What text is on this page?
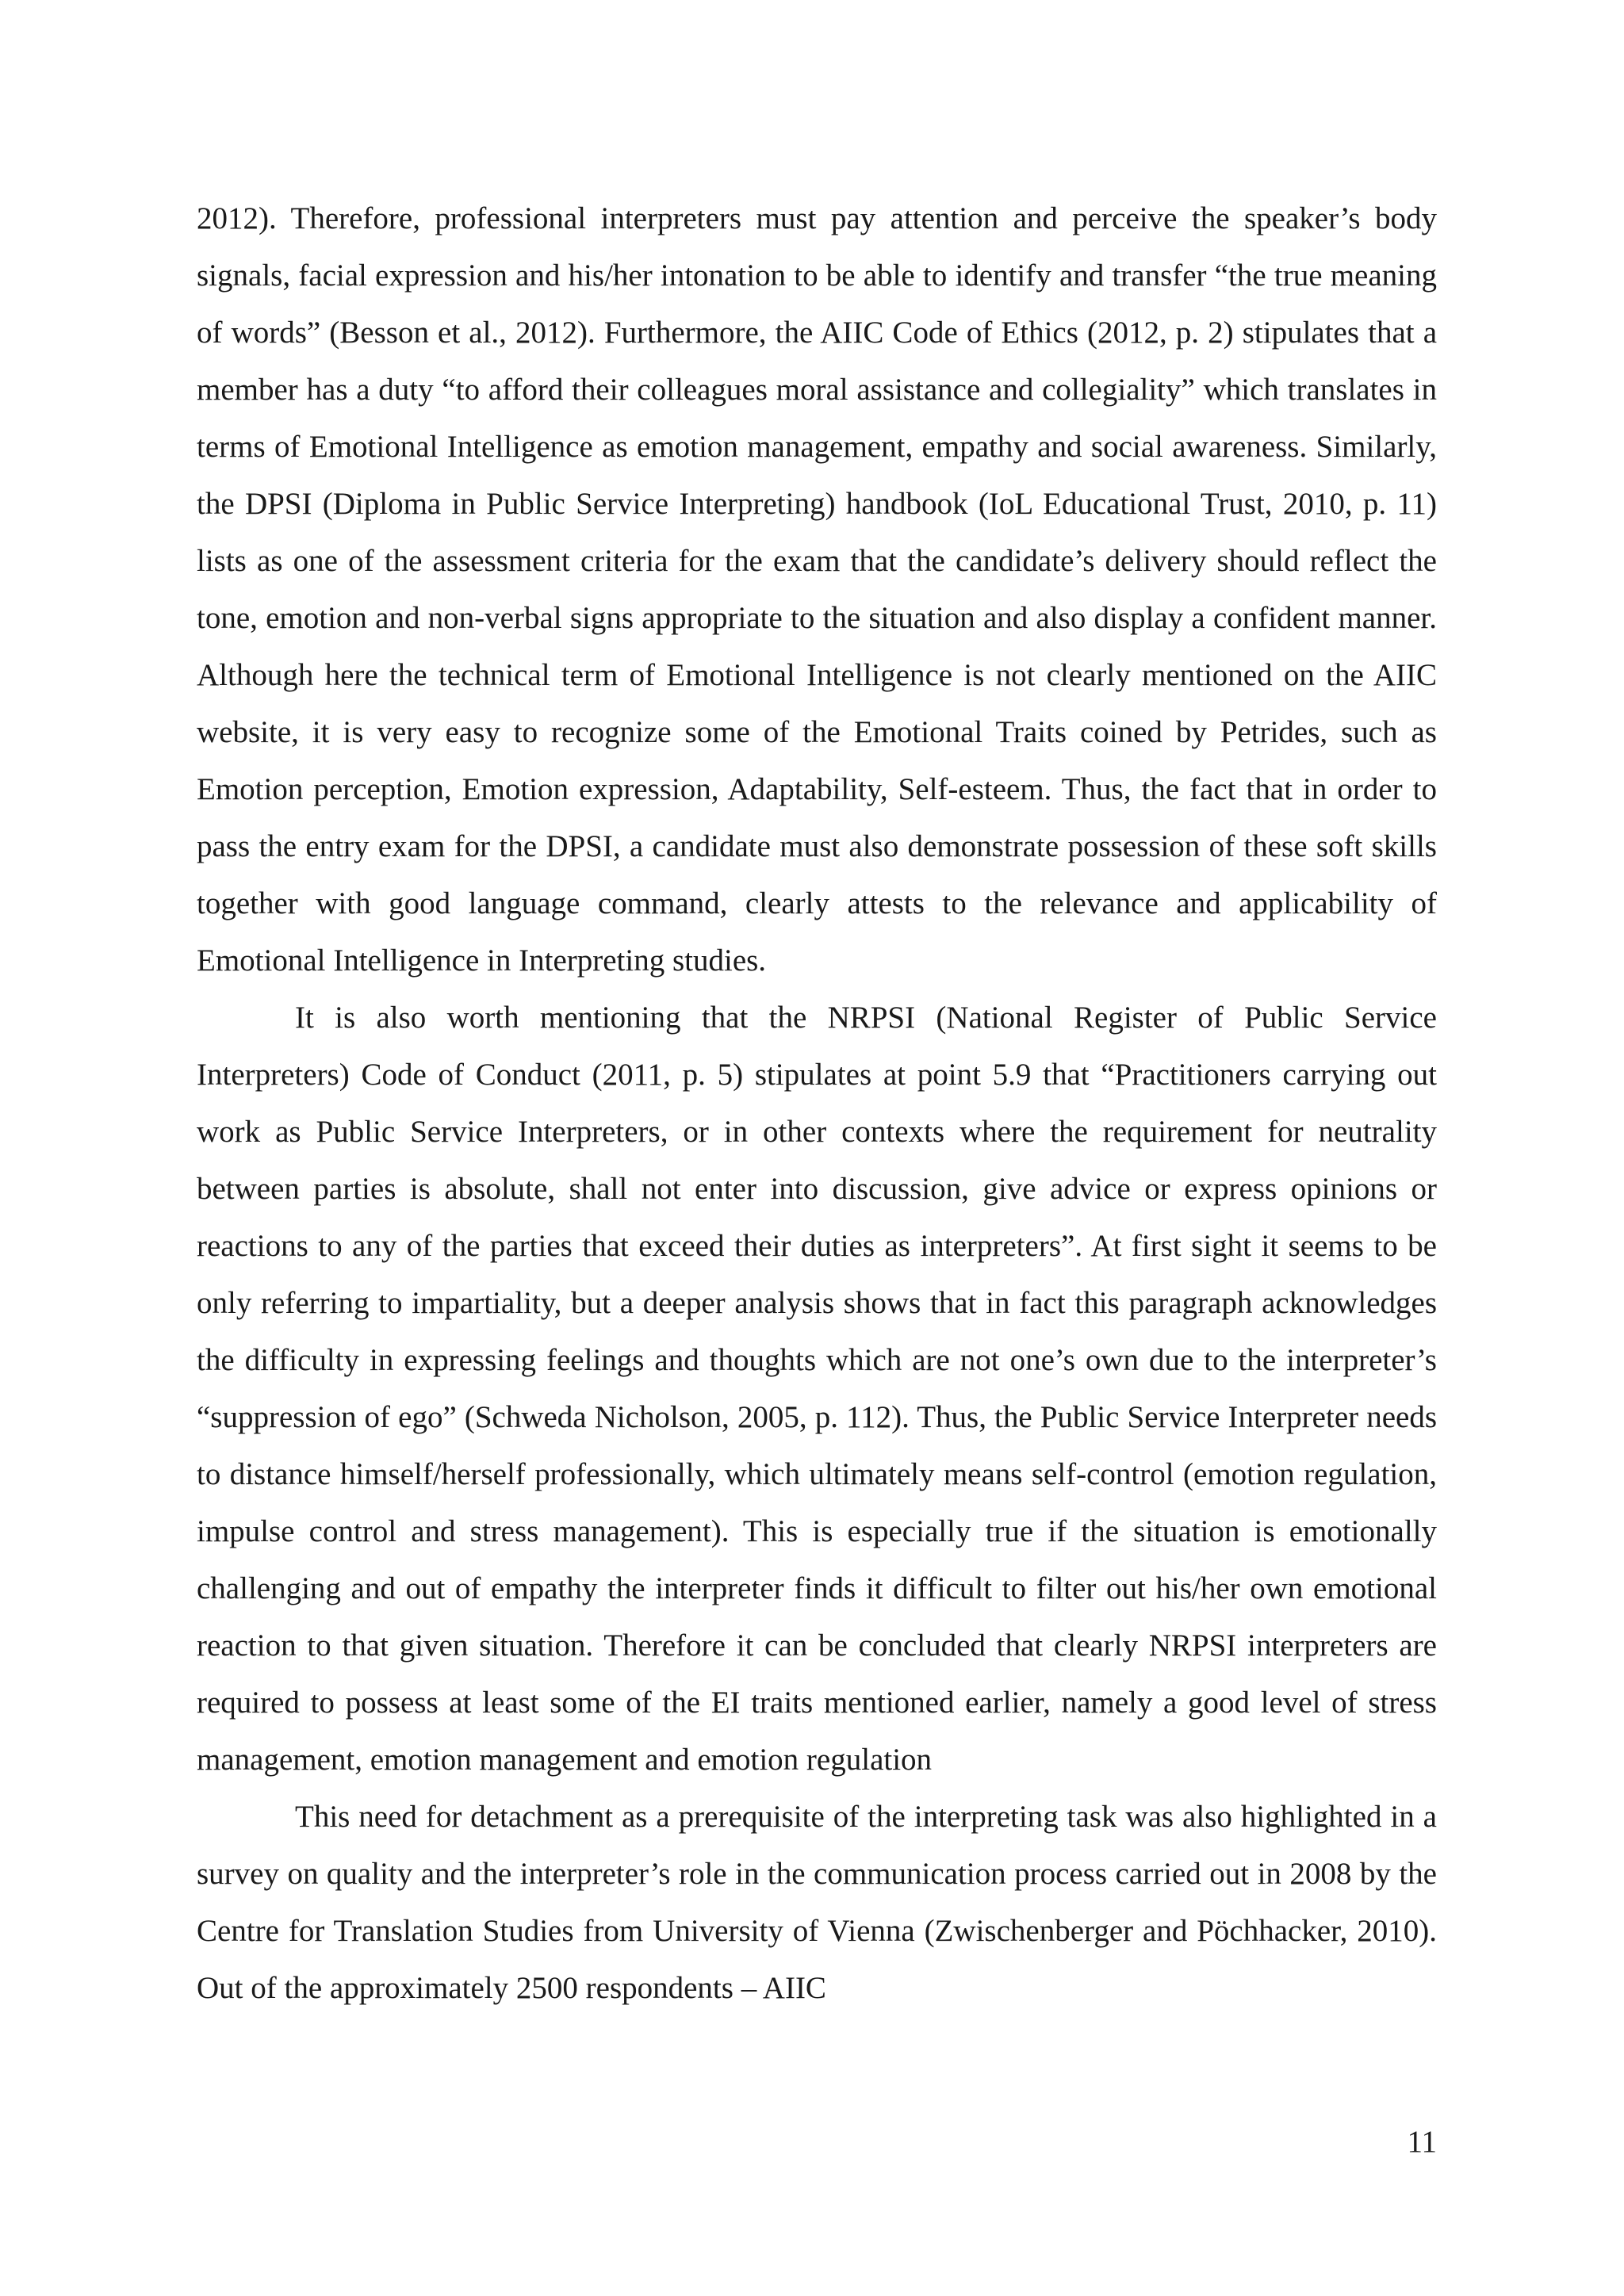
2012). Therefore, professional interpreters must pay attention and perceive the speaker’s body signals, facial expression and his/her intonation to be able to identify and transfer “the true meaning of words” (Besson et al., 2012). Furthermore, the AIIC Code of Ethics (2012, p. 2) stipulates that a member has a duty “to afford their colleagues moral assistance and collegiality” which translates in terms of Emotional Intelligence as emotion management, empathy and social awareness. Similarly, the DPSI (Diploma in Public Service Interpreting) handbook (IoL Educational Trust, 2010, p. 11) lists as one of the assessment criteria for the exam that the candidate’s delivery should reflect the tone, emotion and non-verbal signs appropriate to the situation and also display a confident manner. Although here the technical term of Emotional Intelligence is not clearly mentioned on the AIIC website, it is very easy to recognize some of the Emotional Traits coined by Petrides, such as Emotion perception, Emotion expression, Adaptability, Self-esteem. Thus, the fact that in order to pass the entry exam for the DPSI, a candidate must also demonstrate possession of these soft skills together with good language command, clearly attests to the relevance and applicability of Emotional Intelligence in Interpreting studies.

It is also worth mentioning that the NRPSI (National Register of Public Service Interpreters) Code of Conduct (2011, p. 5) stipulates at point 5.9 that “Practitioners carrying out work as Public Service Interpreters, or in other contexts where the requirement for neutrality between parties is absolute, shall not enter into discussion, give advice or express opinions or reactions to any of the parties that exceed their duties as interpreters”. At first sight it seems to be only referring to impartiality, but a deeper analysis shows that in fact this paragraph acknowledges the difficulty in expressing feelings and thoughts which are not one’s own due to the interpreter’s “suppression of ego” (Schweda Nicholson, 2005, p. 112). Thus, the Public Service Interpreter needs to distance himself/herself professionally, which ultimately means self-control (emotion regulation, impulse control and stress management). This is especially true if the situation is emotionally challenging and out of empathy the interpreter finds it difficult to filter out his/her own emotional reaction to that given situation. Therefore it can be concluded that clearly NRPSI interpreters are required to possess at least some of the EI traits mentioned earlier, namely a good level of stress management, emotion management and emotion regulation

This need for detachment as a prerequisite of the interpreting task was also highlighted in a survey on quality and the interpreter’s role in the communication process carried out in 2008 by the Centre for Translation Studies from University of Vienna (Zwischenberger and Pöchhacker, 2010). Out of the approximately 2500 respondents – AIIC

11
